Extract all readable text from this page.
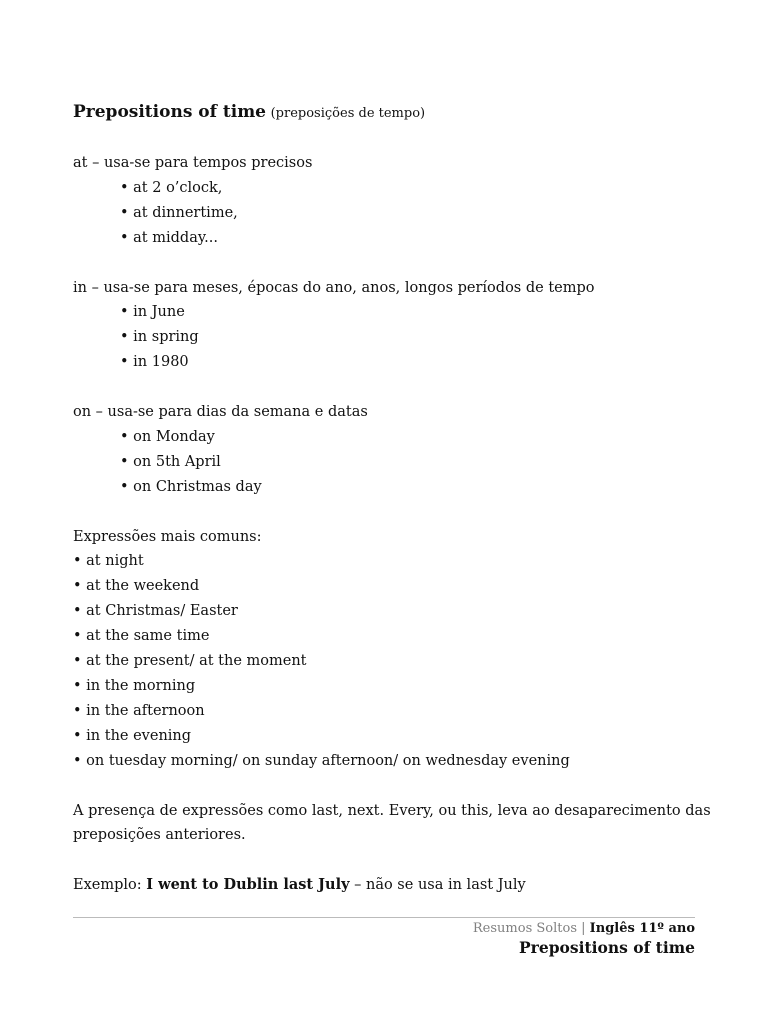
Prepositions of time (preposições de tempo)
at – usa-se para tempos precisos
• at 2 o’clock,
• at dinnertime,
• at midday...
in – usa-se para meses, épocas do ano, anos, longos períodos de tempo
• in June
• in spring
• in 1980
on – usa-se para dias da semana e datas
• on Monday
• on 5th April
• on Christmas day
Expressões mais comuns:
• at night
• at the weekend
• at Christmas/ Easter
• at the same time
• at the present/ at the moment
• in the morning
• in the afternoon
• in the evening
• on tuesday morning/ on sunday afternoon/ on wednesday evening
A presença de expressões como last, next. Every, ou this, leva ao desaparecimento das
preposições anteriores.
Exemplo: I went to Dublin last July – não se usa in last July
Resumos Soltos | Inglês 11º ano
Prepositions of time
